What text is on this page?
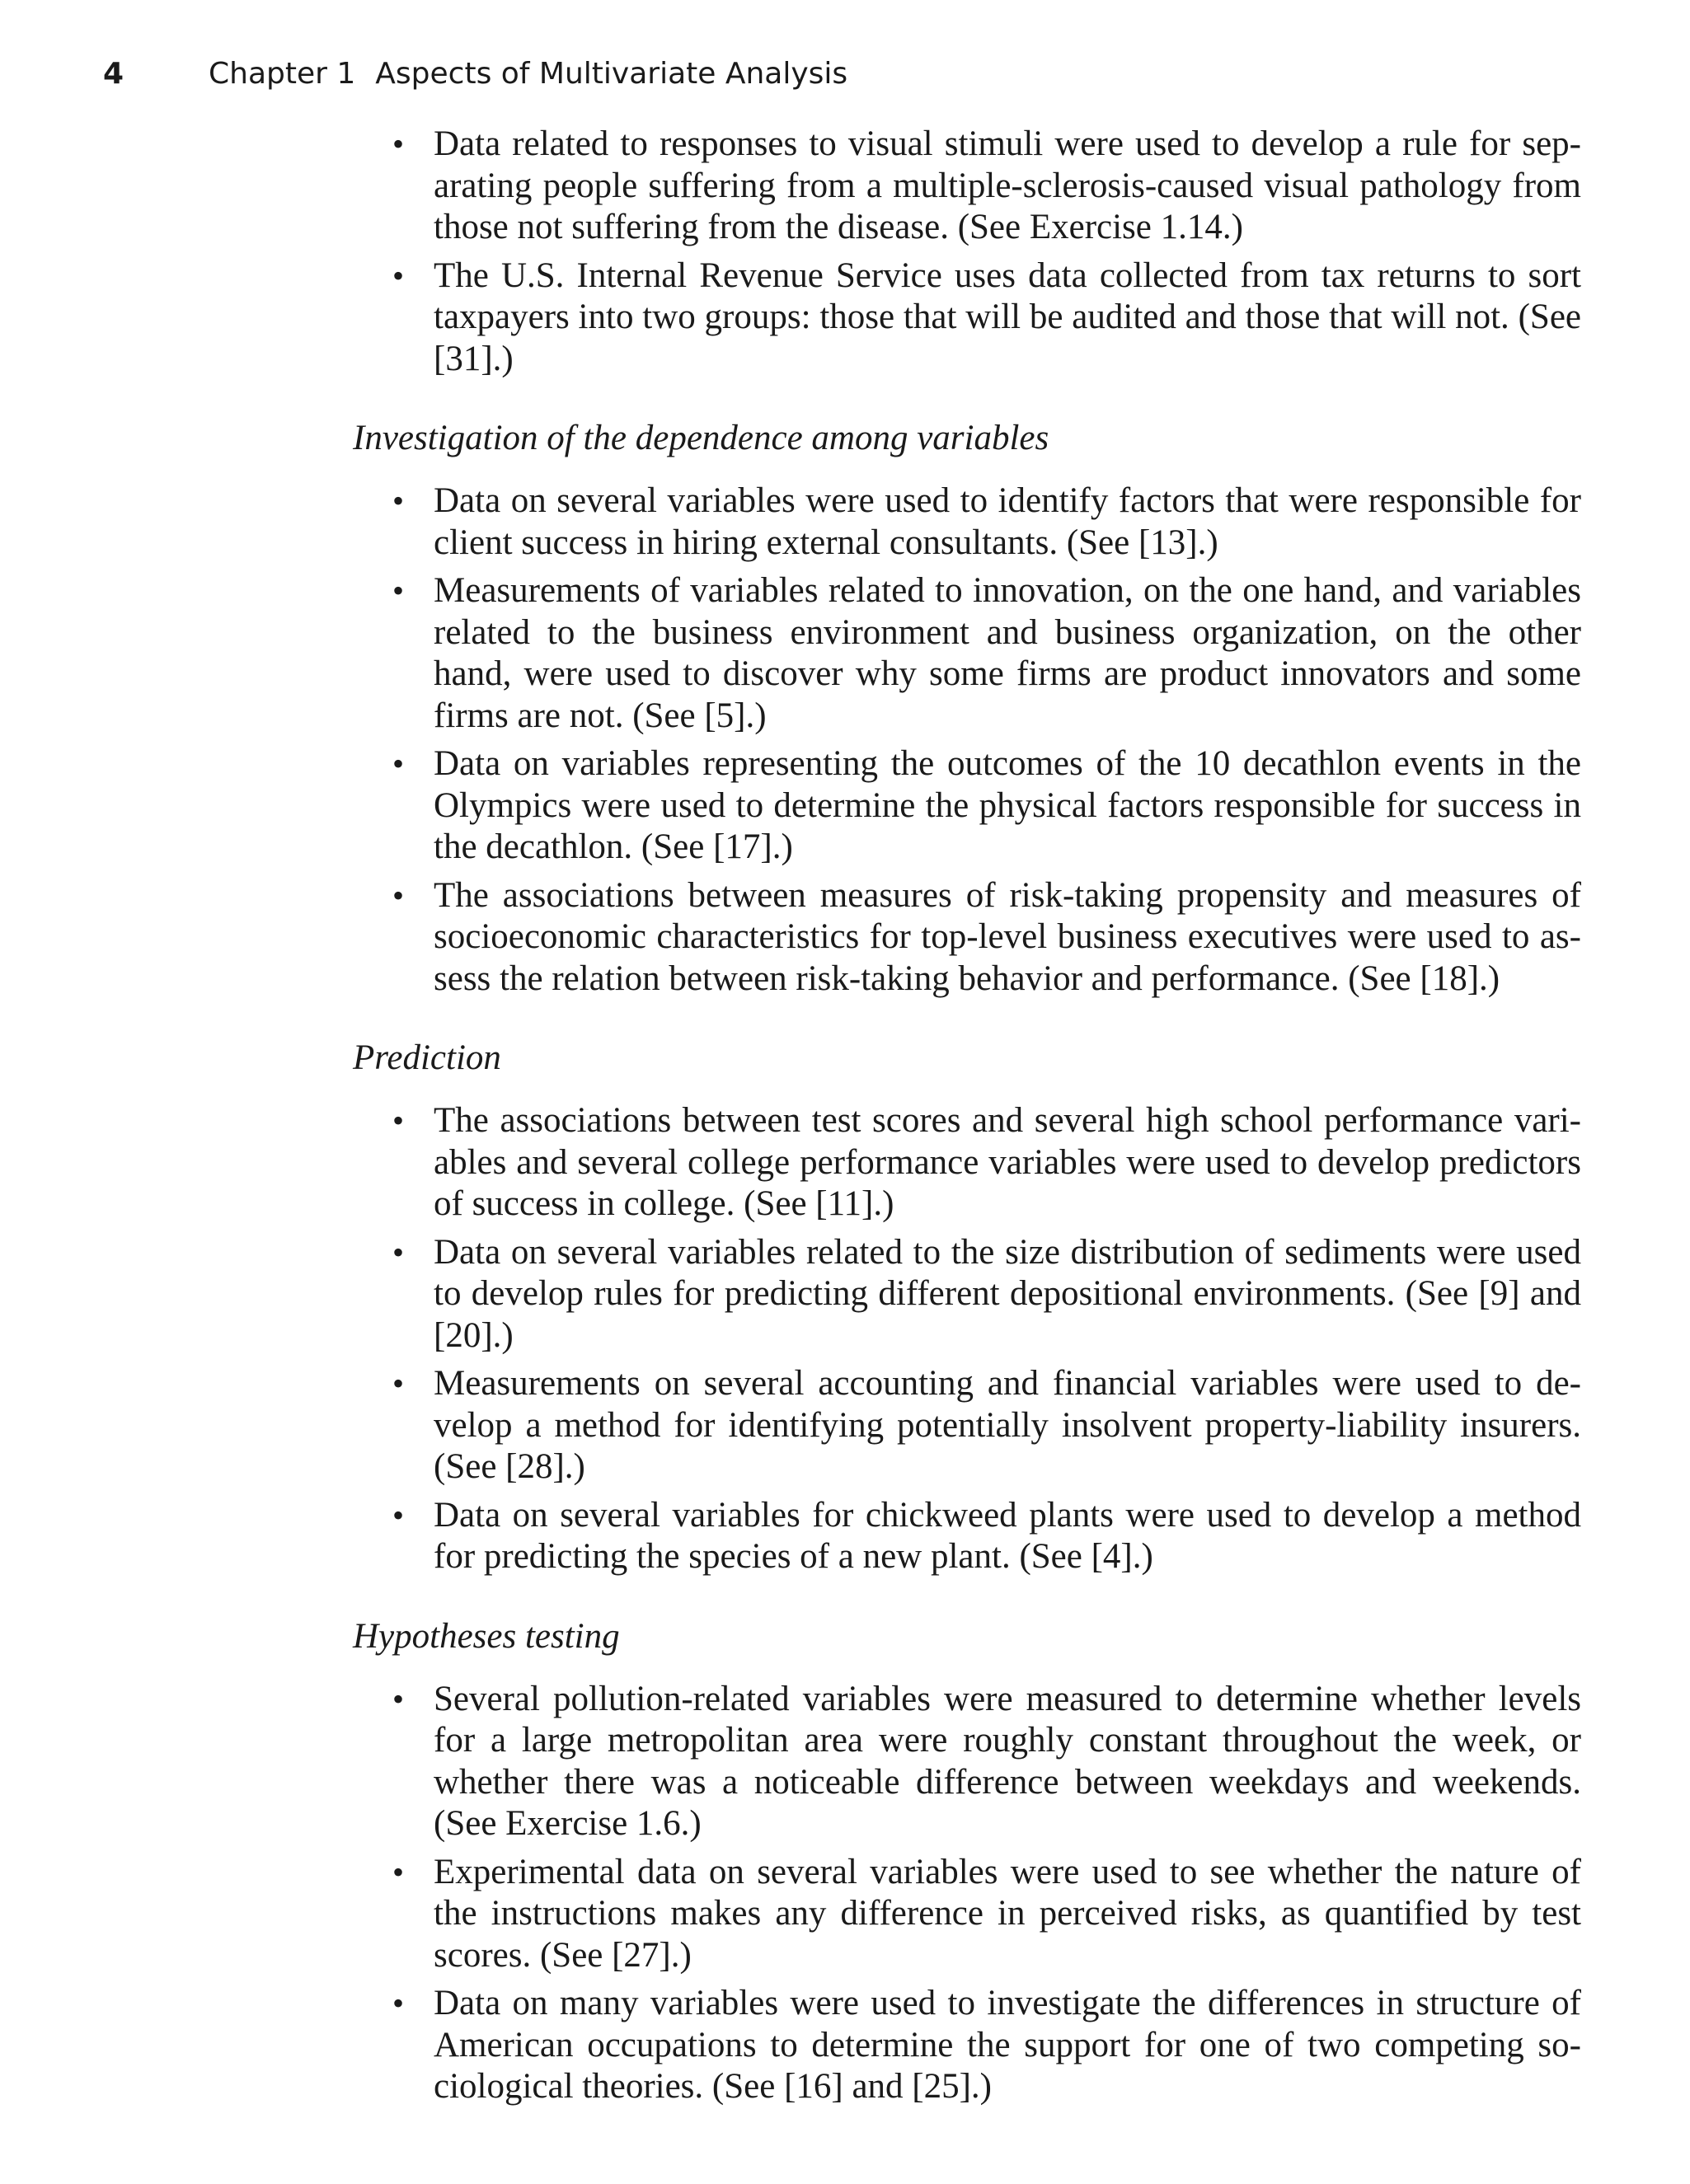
4	Chapter 1 Aspects of Multivariate Analysis
• Data related to responses to visual stimuli were used to develop a rule for separating people suffering from a multiple-sclerosis-caused visual pathology from those not suffering from the disease. (See Exercise 1.14.)
• The U.S. Internal Revenue Service uses data collected from tax returns to sort taxpayers into two groups: those that will be audited and those that will not. (See [31].)
Investigation of the dependence among variables
• Data on several variables were used to identify factors that were responsible for client success in hiring external consultants. (See [13].)
• Measurements of variables related to innovation, on the one hand, and variables related to the business environment and business organization, on the other hand, were used to discover why some firms are product innovators and some firms are not. (See [5].)
• Data on variables representing the outcomes of the 10 decathlon events in the Olympics were used to determine the physical factors responsible for success in the decathlon. (See [17].)
• The associations between measures of risk-taking propensity and measures of socioeconomic characteristics for top-level business executives were used to assess the relation between risk-taking behavior and performance. (See [18].)
Prediction
• The associations between test scores and several high school performance variables and several college performance variables were used to develop predictors of success in college. (See [11].)
• Data on several variables related to the size distribution of sediments were used to develop rules for predicting different depositional environments. (See [9] and [20].)
• Measurements on several accounting and financial variables were used to develop a method for identifying potentially insolvent property-liability insurers. (See [28].)
• Data on several variables for chickweed plants were used to develop a method for predicting the species of a new plant. (See [4].)
Hypotheses testing
• Several pollution-related variables were measured to determine whether levels for a large metropolitan area were roughly constant throughout the week, or whether there was a noticeable difference between weekdays and weekends. (See Exercise 1.6.)
• Experimental data on several variables were used to see whether the nature of the instructions makes any difference in perceived risks, as quantified by test scores. (See [27].)
• Data on many variables were used to investigate the differences in structure of American occupations to determine the support for one of two competing sociological theories. (See [16] and [25].)
